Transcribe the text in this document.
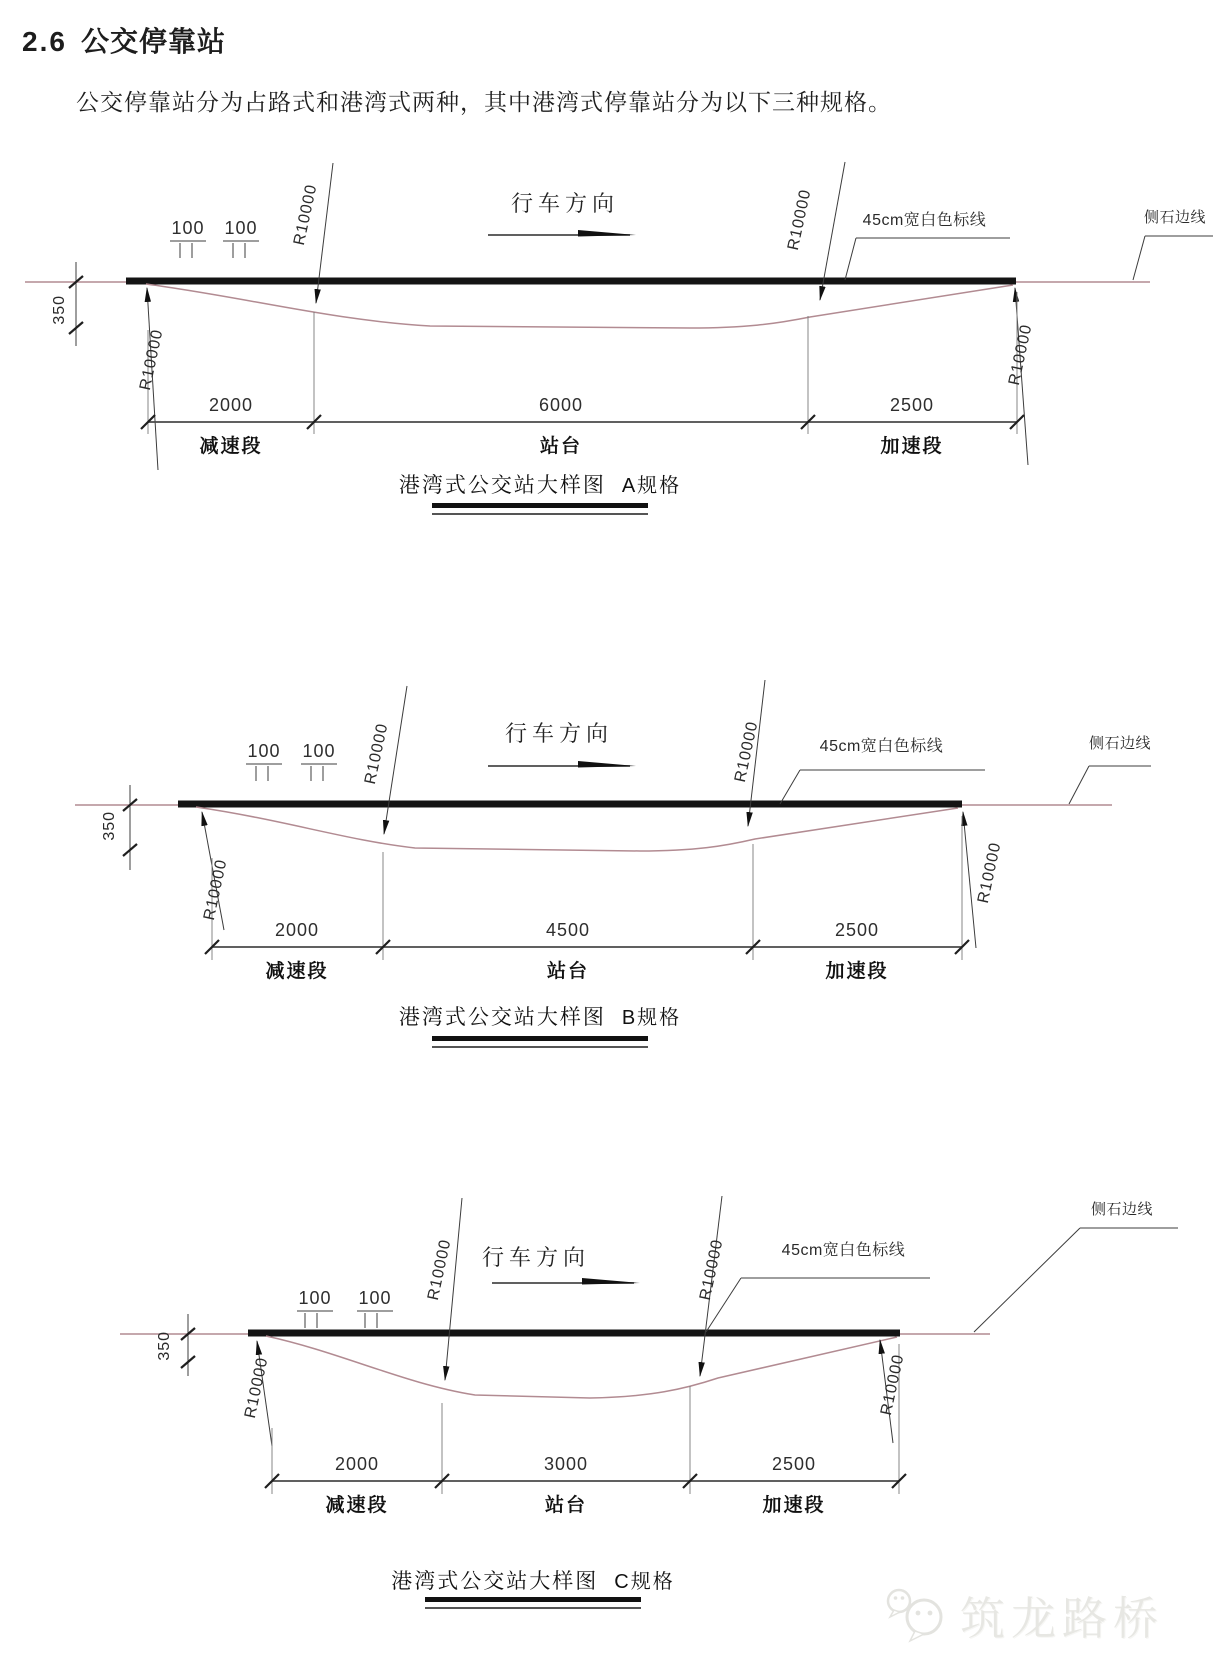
2.6 公交停靠站
公交停靠站分为占路式和港湾式两种，其中港湾式停靠站分为以下三种规格。
100 100 R10000	行车方向	R10000	45cm宽白色标线	侧石边线
350
R10000	R10000
2000	6000	2500
减速段	站台	加速段
港湾式公交站大样图 A规格
100 100 R10000	行车方向	R10000	45cm宽白色标线	侧石边线
350
R10000	R10000
2000	4500	2500
减速段	站台	加速段
港湾式公交站大样图 B规格
100 100 R10000	行车方向	R10000	45cm宽白色标线
侧石边线
350
R10000	R10000
2000	3000	2500
减速段	站台	加速段
港湾式公交站大样图 C规格
筑龙路桥
